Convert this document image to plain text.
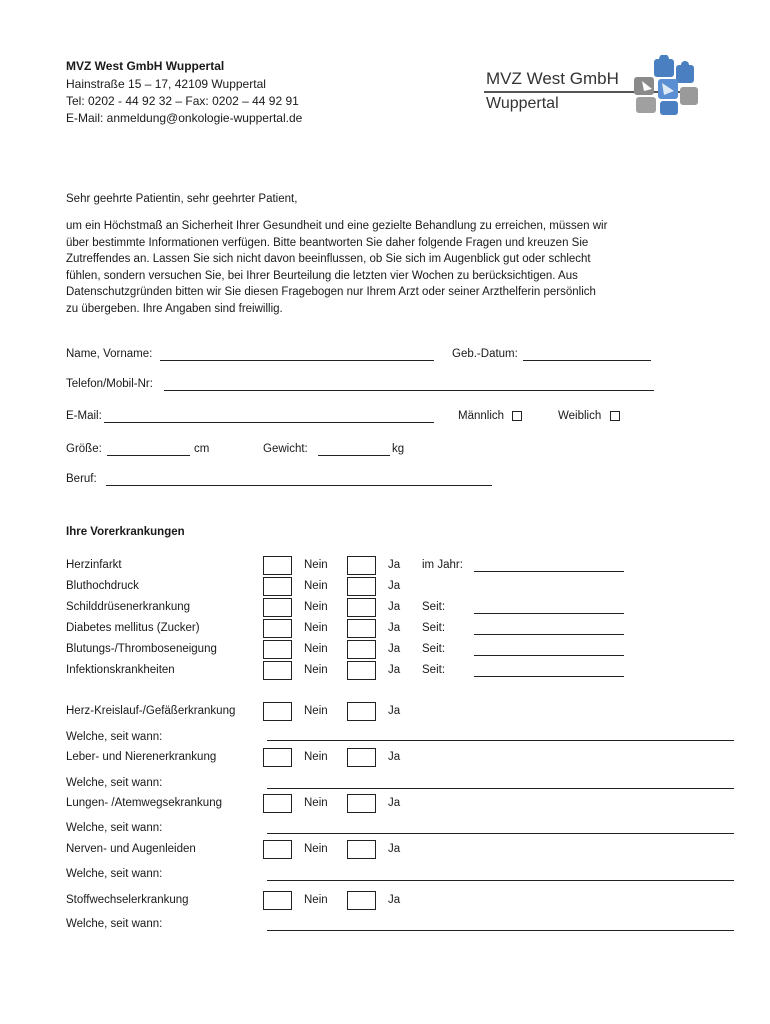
MVZ West GmbH Wuppertal
Hainstraße 15 – 17, 42109 Wuppertal
Tel: 0202 - 44 92 32 – Fax: 0202 – 44 92 91
E-Mail: anmeldung@onkologie-wuppertal.de
MVZ West GmbH
Wuppertal
Sehr geehrte Patientin, sehr geehrter Patient,
um ein Höchstmaß an Sicherheit Ihrer Gesundheit und eine gezielte Behandlung zu erreichen, müssen wir
über bestimmte Informationen verfügen. Bitte beantworten Sie daher folgende Fragen und kreuzen Sie
Zutreffendes an. Lassen Sie sich nicht davon beeinflussen, ob Sie sich im Augenblick gut oder schlecht
fühlen, sondern versuchen Sie, bei Ihrer Beurteilung die letzten vier Wochen zu berücksichtigen. Aus
Datenschutzgründen bitten wir Sie diesen Fragebogen nur Ihrem Arzt oder seiner Arzthelferin persönlich
zu übergeben. Ihre Angaben sind freiwillig.
Name, Vorname:	Geb.-Datum:
Telefon/Mobil-Nr:
E-Mail:	Männlich	Weiblich
Größe:	cm	Gewicht:	kg
Beruf:
Ihre Vorerkrankungen
Herzinfarkt	Nein	Ja im Jahr:
Bluthochdruck	Nein	Ja
Schilddrüsenerkrankung	Nein	Ja Seit:
Diabetes mellitus (Zucker)	Nein	Ja Seit:
Blutungs-/Thromboseneigung	Nein	Ja Seit:
Infektionskrankheiten	Nein	Ja Seit:
Herz-Kreislauf-/Gefäßerkrankung	Nein	Ja
Welche, seit wann:
Leber- und Nierenerkrankung	Nein	Ja
Welche, seit wann:
Lungen- /Atemwegsekrankung	Nein	Ja
Welche, seit wann:
Nerven- und Augenleiden	Nein	Ja
Welche, seit wann:
Stoffwechselerkrankung	Nein	Ja
Welche, seit wann:
